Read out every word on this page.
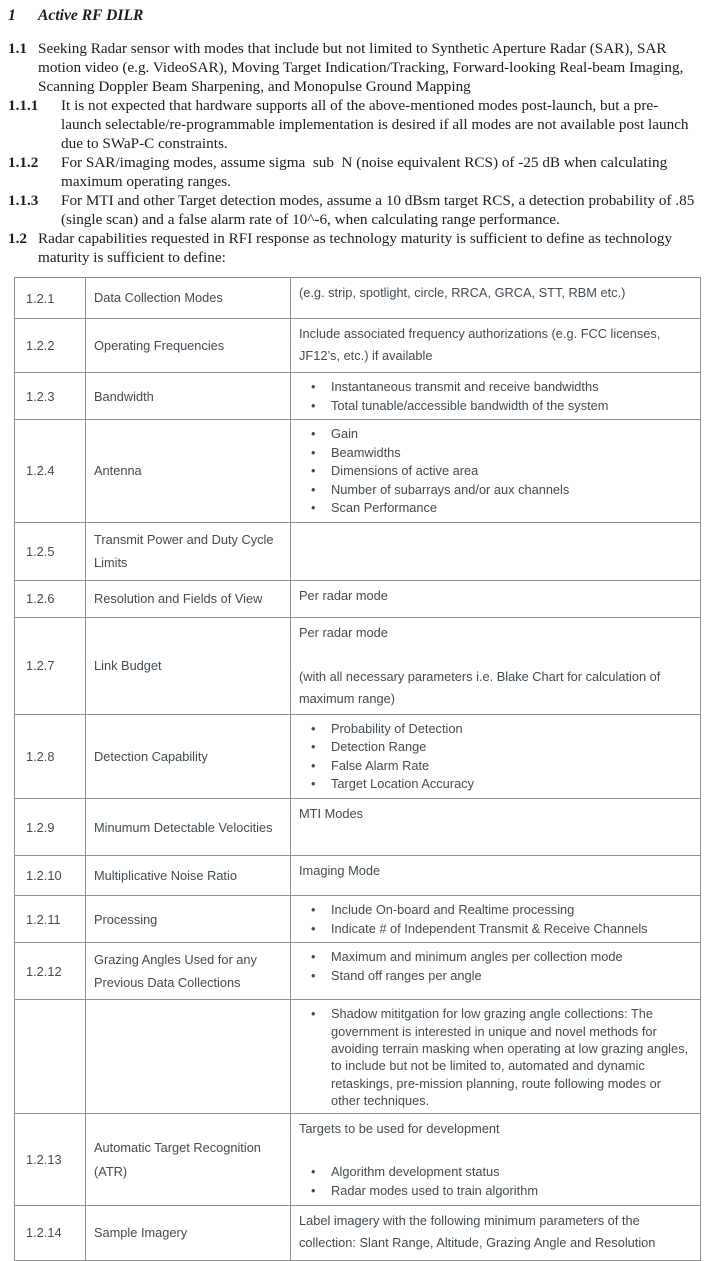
1	Active RF DILR
1.1 Seeking Radar sensor with modes that include but not limited to Synthetic Aperture Radar (SAR), SAR motion video (e.g. VideoSAR), Moving Target Indication/Tracking, Forward-looking Real-beam Imaging, Scanning Doppler Beam Sharpening, and Monopulse Ground Mapping
1.1.1	It is not expected that hardware supports all of the above-mentioned modes post-launch, but a pre-launch selectable/re-programmable implementation is desired if all modes are not available post launch due to SWaP-C constraints.
1.1.2	For SAR/imaging modes, assume sigma  sub  N (noise equivalent RCS) of -25 dB when calculating maximum operating ranges.
1.1.3	For MTI and other Target detection modes, assume a 10 dBsm target RCS, a detection probability of .85 (single scan) and a false alarm rate of 10^-6, when calculating range performance.
1.2 Radar capabilities requested in RFI response as technology maturity is sufficient to define as technology maturity is sufficient to define:
1.2.1	Data Collection Modes	(e.g. strip, spotlight, circle, RRCA, GRCA, STT, RBM etc.)

1.2.2	Operating Frequencies	Include associated frequency authorizations (e.g. FCC licenses, JF12’s, etc.) if available

1.2.3	Bandwidth	
• Instantaneous transmit and receive bandwidths
• Total tunable/accessible bandwidth of the system

1.2.4	Antenna	
• Gain
• Beamwidths
• Dimensions of active area
• Number of subarrays and/or aux channels
• Scan Performance

1.2.5	Transmit Power and Duty Cycle Limits	
1.2.6	Resolution and Fields of View	Per radar mode

1.2.7	Link Budget	Per radar mode

(with all necessary parameters i.e. Blake Chart for calculation of maximum range)

1.2.8	Detection Capability	
• Probability of Detection
• Detection Range
• False Alarm Rate
• Target Location Accuracy

1.2.9	Minumum Detectable Velocities	MTI Modes

1.2.10	Multiplicative Noise Ratio	Imaging Mode

1.2.11	Processing	
• Include On-board and Realtime processing
• Indicate # of Independent Transmit & Receive Channels

1.2.12	Grazing Angles Used for any Previous Data Collections	
• Maximum and minimum angles per collection mode
• Stand off ranges per angle

• Shadow mititgation for low grazing angle collections: The government is interested in unique and novel methods for avoiding terrain masking when operating at low grazing angles, to include but not be limited to, automated and dynamic retaskings, pre-mission planning, route following modes or other techniques.

1.2.13	Automatic Target Recognition (ATR)	

Targets to be used for development

• Algorithm development status
• Radar modes used to train algorithm

1.2.14	Sample Imagery	Label imagery with the following minimum parameters of the collection: Slant Range, Altitude, Grazing Angle and Resolution
